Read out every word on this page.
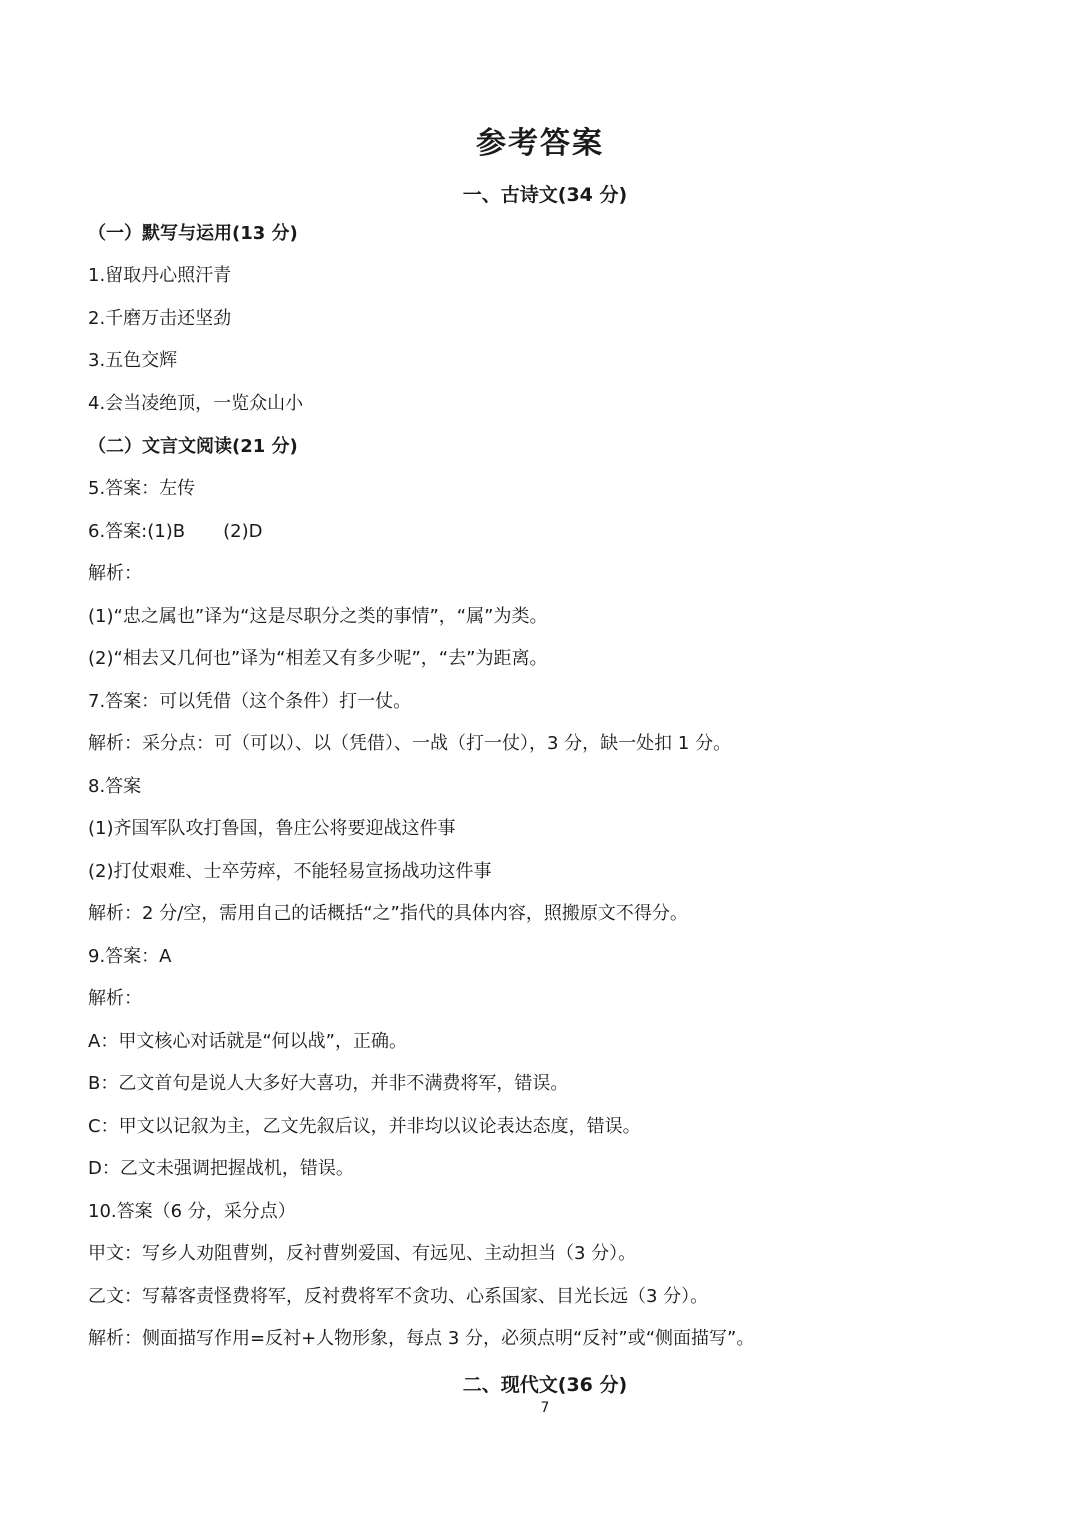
参考答案
一、古诗文(34 分)
（一）默写与运用(13 分)
1.留取丹心照汗青
2.千磨万击还坚劲
3.五色交辉
4.会当凌绝顶，一览众山小
（二）文言文阅读(21 分)
5.答案：左传
6.答案:(1)B (2)D
解析：
(1)“忠之属也”译为“这是尽职分之类的事情”，“属”为类。
(2)“相去又几何也”译为“相差又有多少呢”，“去”为距离。
7.答案：可以凭借（这个条件）打一仗。
解析：采分点：可（可以）、以（凭借）、一战（打一仗），3 分，缺一处扣 1 分。
8.答案
(1)齐国军队攻打鲁国，鲁庄公将要迎战这件事
(2)打仗艰难、士卒劳瘁，不能轻易宣扬战功这件事
解析：2 分/空，需用自己的话概括“之”指代的具体内容，照搬原文不得分。
9.答案：A
解析：
A：甲文核心对话就是“何以战”，正确。
B：乙文首句是说人大多好大喜功，并非不满费将军，错误。
C：甲文以记叙为主，乙文先叙后议，并非均以议论表达态度，错误。
D：乙文未强调把握战机，错误。
10.答案（6 分，采分点）
甲文：写乡人劝阻曹刿，反衬曹刿爱国、有远见、主动担当（3 分）。
乙文：写幕客责怪费将军，反衬费将军不贪功、心系国家、目光长远（3 分）。
解析：侧面描写作用=反衬+人物形象，每点 3 分，必须点明“反衬”或“侧面描写”。
二、现代文(36 分)
7
